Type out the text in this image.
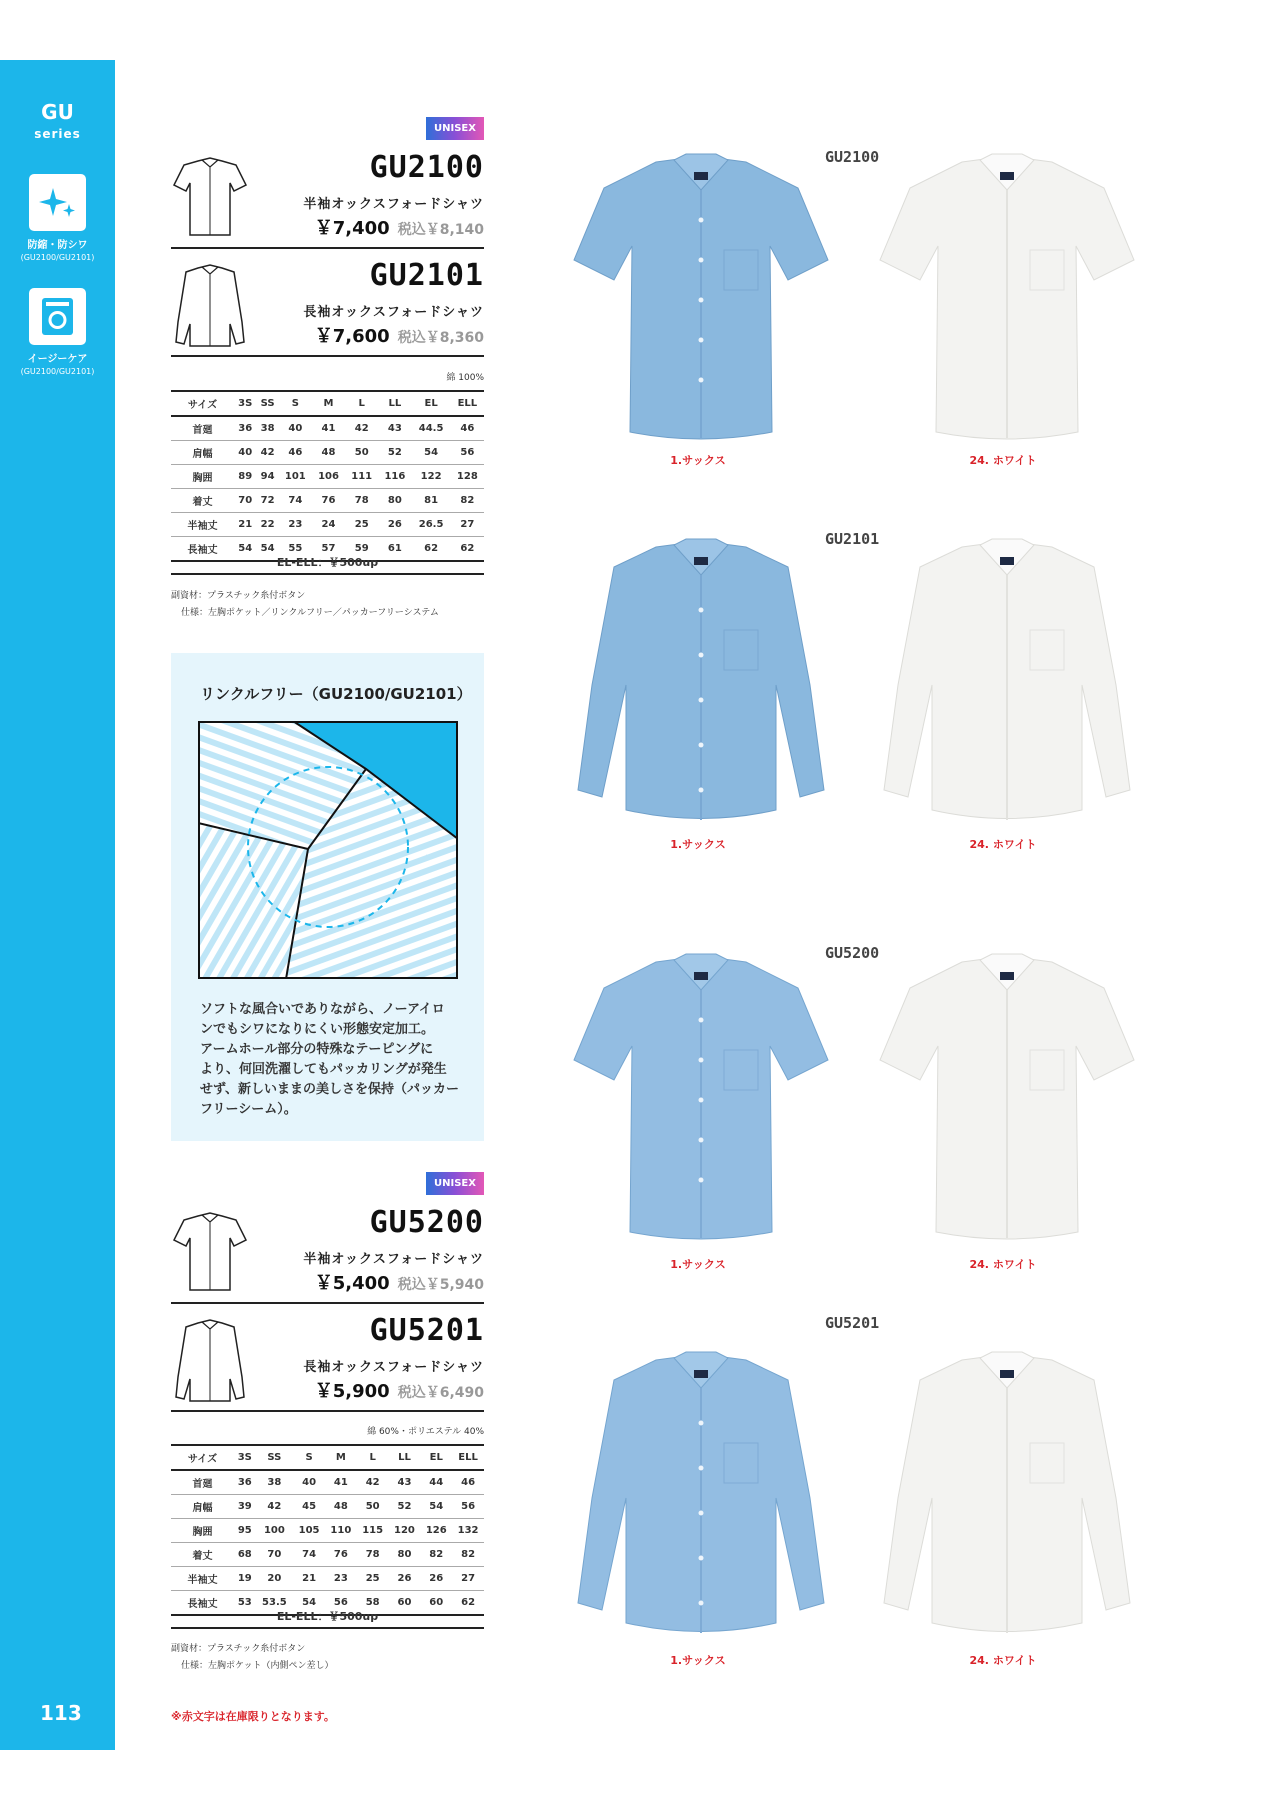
GU
series
防縮・防シワ
(GU2100/GU2101)
イージーケア
(GU2100/GU2101)
113
UNISEX
GU2100
半袖オックスフォードシャツ
￥7,400 税込￥8,140
GU2101
長袖オックスフォードシャツ
￥7,600 税込￥8,360
綿 100%
サイズ	3S	SS	S	M	L	LL	EL	ELL
首廻	36	38	40	41	42	43	44.5	46
肩幅	40	42	46	48	50	52	54	56
胸囲	89	94	101	106	111	116	122	128
着丈	70	72	74	76	78	80	81	82
半袖丈	21	22	23	24	25	26	26.5	27
長袖丈	54	54	55	57	59	61	62	62
EL-ELL：￥500up
副資材：プラスチック糸付ボタン
仕様：左胸ポケット／リンクルフリー／パッカーフリーシステム
リンクルフリー（GU2100/GU2101）
ソフトな風合いでありながら、ノーアイロ
ンでもシワになりにくい形態安定加工。
アームホール部分の特殊なテーピングに
より、何回洗濯してもパッカリングが発生
せず、新しいままの美しさを保持（パッカー
フリーシーム）。
UNISEX
GU5200
半袖オックスフォードシャツ
￥5,400 税込￥5,940
GU5201
長袖オックスフォードシャツ
￥5,900 税込￥6,490
綿 60%・ポリエステル 40%
サイズ	3S	SS	S	M	L	LL	EL	ELL
首廻	36	38	40	41	42	43	44	46
肩幅	39	42	45	48	50	52	54	56
胸囲	95	100	105	110	115	120	126	132
着丈	68	70	74	76	78	80	82	82
半袖丈	19	20	21	23	25	26	26	27
長袖丈	53	53.5	54	56	58	60	60	62
EL-ELL：￥500up
副資材：プラスチック糸付ボタン
仕様：左胸ポケット（内側ペン差し）
※赤文字は在庫限りとなります。
GU2100
1.サックス	24. ホワイト
GU2101
1.サックス	24. ホワイト
GU5200
1.サックス	24. ホワイト
GU5201
1.サックス	24. ホワイト
